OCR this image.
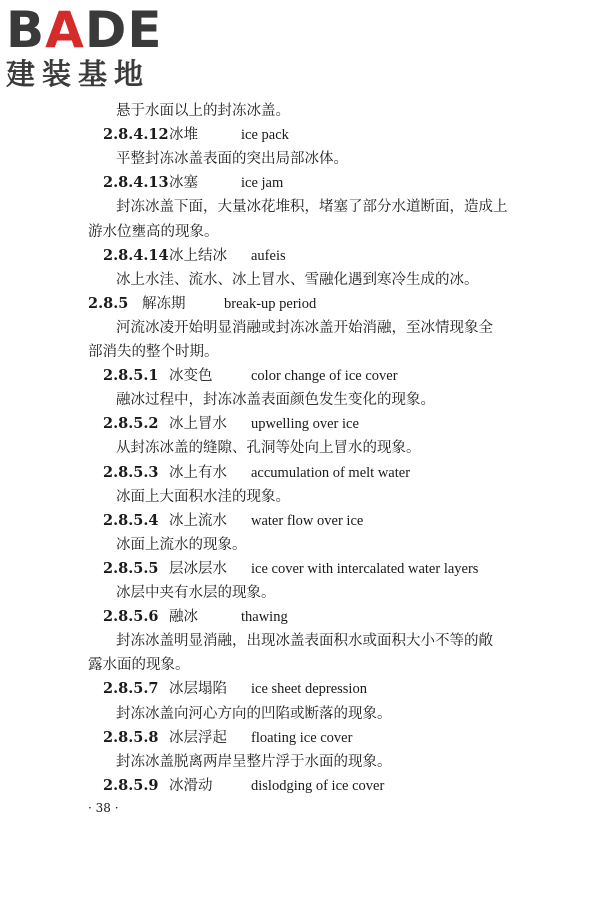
BADE
建装基地
悬于水面以上的封冻冰盖。
2.8.4.12冰堆	ice pack
平整封冻冰盖表面的突出局部冰体。
2.8.4.13冰塞	ice jam
封冻冰盖下面，大量冰花堆积，堵塞了部分水道断面，造成上
游水位壅高的现象。
2.8.4.14冰上结冰 aufeis
冰上水洼、流水、冰上冒水、雪融化遇到寒冷生成的冰。
2.8.5 解冻期	break-up period
河流冰凌开始明显消融或封冻冰盖开始消融，至冰情现象全
部消失的整个时期。
2.8.5.1 冰变色	color change of ice cover
融冰过程中，封冻冰盖表面颜色发生变化的现象。
2.8.5.2 冰上冒水 upwelling over ice
从封冻冰盖的缝隙、孔洞等处向上冒水的现象。
2.8.5.3 冰上有水 accumulation of melt water
冰面上大面积水洼的现象。
2.8.5.4 冰上流水 water flow over ice
冰面上流水的现象。
2.8.5.5 层冰层水 ice cover with intercalated water layers
冰层中夹有水层的现象。
2.8.5.6 融冰	thawing
封冻冰盖明显消融，出现冰盖表面积水或面积大小不等的敞
露水面的现象。
2.8.5.7 冰层塌陷 ice sheet depression
封冻冰盖向河心方向的凹陷或断落的现象。
2.8.5.8 冰层浮起 floating ice cover
封冻冰盖脱离两岸呈整片浮于水面的现象。
2.8.5.9 冰滑动	dislodging of ice cover
· 38 ·
